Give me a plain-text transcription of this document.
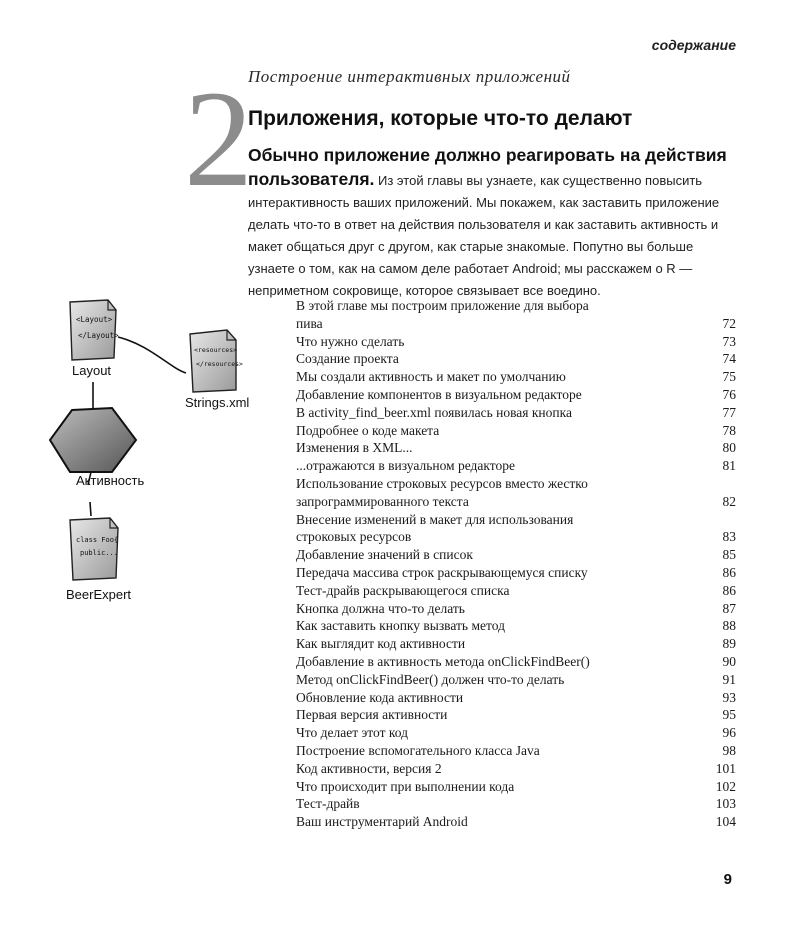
содержание
2
Построение интерактивных приложений
Приложения, которые что-то делают
Обычно приложение должно реагировать на действия пользователя. Из этой главы вы узнаете, как существенно повысить интерактивность ваших приложений. Мы покажем, как заставить приложение делать что-то в ответ на действия пользователя и как заставить активность и макет общаться друг с другом, как старые знакомые. Попутно вы больше узнаете о том, как на самом деле работает Android; мы расскажем о R — неприметном сокровище, которое связывает все воедино.
<Layout>
</Layout>
<resources>
</resources>
class Foo{
public...
Layout
Strings.xml
Активность
BeerExpert
В этой главе мы построим приложение для выбора пива	72
Что нужно сделать	73
Создание проекта	74
Мы создали активность и макет по умолчанию	75
Добавление компонентов в визуальном редакторе	76
В activity_find_beer.xml появилась новая кнопка	77
Подробнее о коде макета	78
Изменения в XML...	80
...отражаются в визуальном редакторе	81
Использование строковых ресурсов вместо жестко запрограммированного текста	82
Внесение изменений в макет для использования строковых ресурсов	83
Добавление значений в список	85
Передача массива строк раскрывающемуся списку	86
Тест-драйв раскрывающегося списка	86
Кнопка должна что-то делать	87
Как заставить кнопку вызвать метод	88
Как выглядит код активности	89
Добавление в активность метода onClickFindBeer()	90
Метод onClickFindBeer() должен что-то делать	91
Обновление кода активности	93
Первая версия активности	95
Что делает этот код	96
Построение вспомогательного класса Java	98
Код активности, версия 2	101
Что происходит при выполнении кода	102
Тест-драйв	103
Ваш инструментарий Android	104
9
